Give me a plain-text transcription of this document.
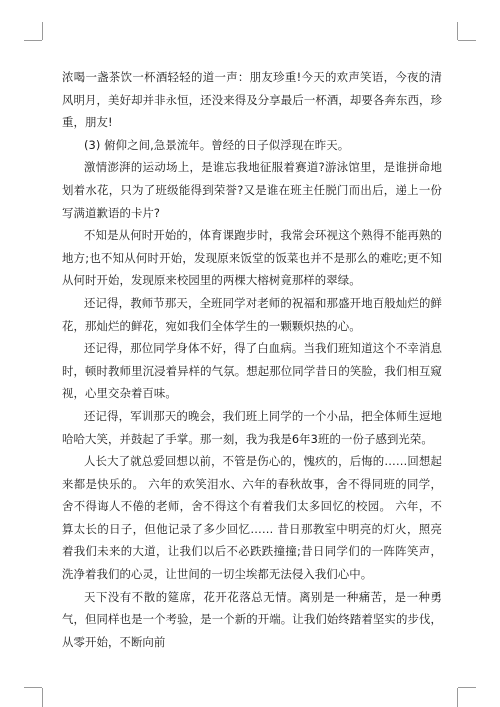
浓喝一盏茶饮一杯酒轻轻的道一声：朋友珍重!今天的欢声笑语，今夜的清风明月，美好却并非永恒，还没来得及分享最后一杯酒，却要各奔东西，珍重，朋友!

(3) 俯仰之间,急景流年。曾经的日子似浮现在昨天。

激情澎湃的运动场上，是谁忘我地征服着赛道?游泳馆里，是谁拼命地划着水花，只为了班级能得到荣誉?又是谁在班主任脱门而出后，递上一份写满道歉语的卡片?

不知是从何时开始的，体育课跑步时，我常会环视这个熟得不能再熟的地方;也不知从何时开始，发现原来饭堂的饭菜也并不是那么的难吃;更不知从何时开始，发现原来校园里的两棵大榕树竟那样的翠绿。

还记得，教师节那天，全班同学对老师的祝福和那盛开地百般灿烂的鲜花，那灿烂的鲜花，宛如我们全体学生的一颗颗炽热的心。

还记得，那位同学身体不好，得了白血病。当我们班知道这个不幸消息时，顿时教师里沉浸着异样的气氛。想起那位同学昔日的笑脸，我们相互窥视，心里交杂着百味。

还记得，军训那天的晚会，我们班上同学的一个小品，把全体师生逗地哈哈大笑，并鼓起了手掌。那一刻，我为我是6年3班的一份子感到光荣。

人长大了就总爱回想以前，不管是伤心的，愧疚的，后悔的……回想起来都是快乐的。 六年的欢笑泪水、六年的春秋故事，舍不得同班的同学，舍不得诲人不倦的老师，舍不得这个有着我们太多回忆的校园。 六年，不算太长的日子，但他记录了多少回忆…… 昔日那教室中明亮的灯火，照亮着我们未来的大道，让我们以后不必跌跌撞撞;昔日同学们的一阵阵笑声，洗净着我们的心灵，让世间的一切尘埃都无法侵入我们心中。

天下没有不散的筵席，花开花落总无情。离别是一种痛苦，是一种勇气，但同样也是一个考验，是一个新的开端。让我们始终踏着坚实的步伐，从零开始，不断向前
